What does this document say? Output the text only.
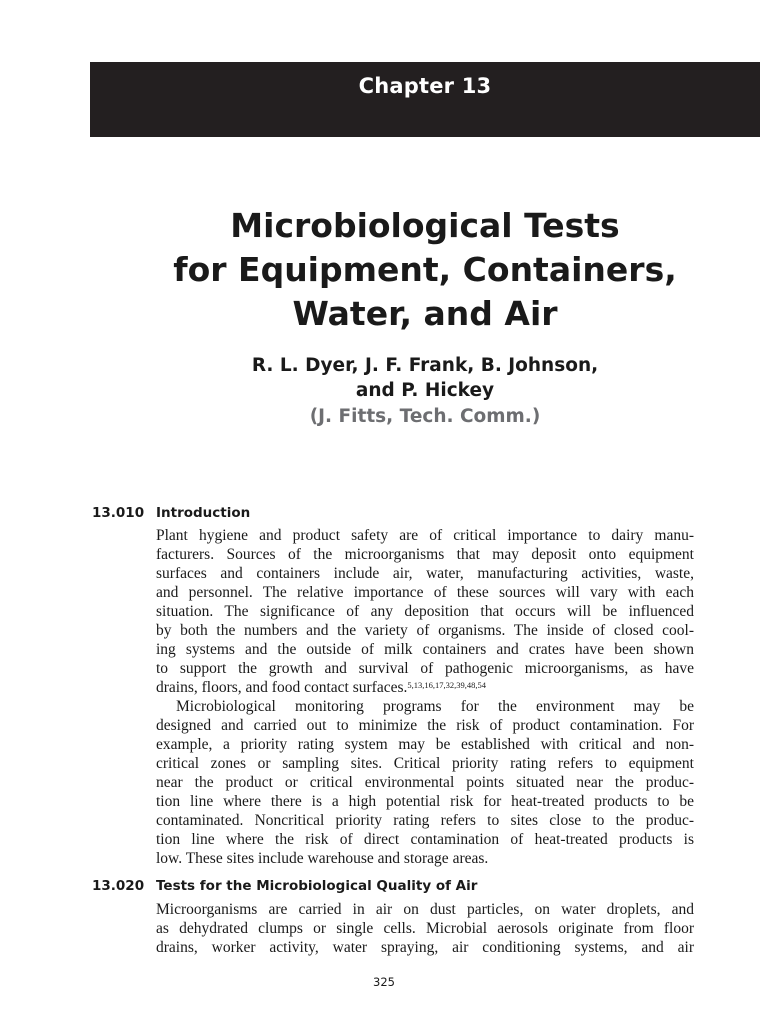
Chapter 13
Microbiological Tests
for Equipment, Containers,
Water, and Air
R. L. Dyer, J. F. Frank, B. Johnson,
and P. Hickey
(J. Fitts, Tech. Comm.)
13.010 Introduction
Plant hygiene and product safety are of critical importance to dairy manu-
facturers. Sources of the microorganisms that may deposit onto equipment
surfaces and containers include air, water, manufacturing activities, waste,
and personnel. The relative importance of these sources will vary with each
situation. The significance of any deposition that occurs will be influenced
by both the numbers and the variety of organisms. The inside of closed cool-
ing systems and the outside of milk containers and crates have been shown
to support the growth and survival of pathogenic microorganisms, as have
drains, floors, and food contact surfaces.$^{5,13,16,17,32,39,48,54}$
Microbiological monitoring programs for the environment may be
designed and carried out to minimize the risk of product contamination. For
example, a priority rating system may be established with critical and non-
critical zones or sampling sites. Critical priority rating refers to equipment
near the product or critical environmental points situated near the produc-
tion line where there is a high potential risk for heat-treated products to be
contaminated. Noncritical priority rating refers to sites close to the produc-
tion line where the risk of direct contamination of heat-treated products is
low. These sites include warehouse and storage areas.
13.020 Tests for the Microbiological Quality of Air
Microorganisms are carried in air on dust particles, on water droplets, and
as dehydrated clumps or single cells. Microbial aerosols originate from floor
drains, worker activity, water spraying, air conditioning systems, and air
325
